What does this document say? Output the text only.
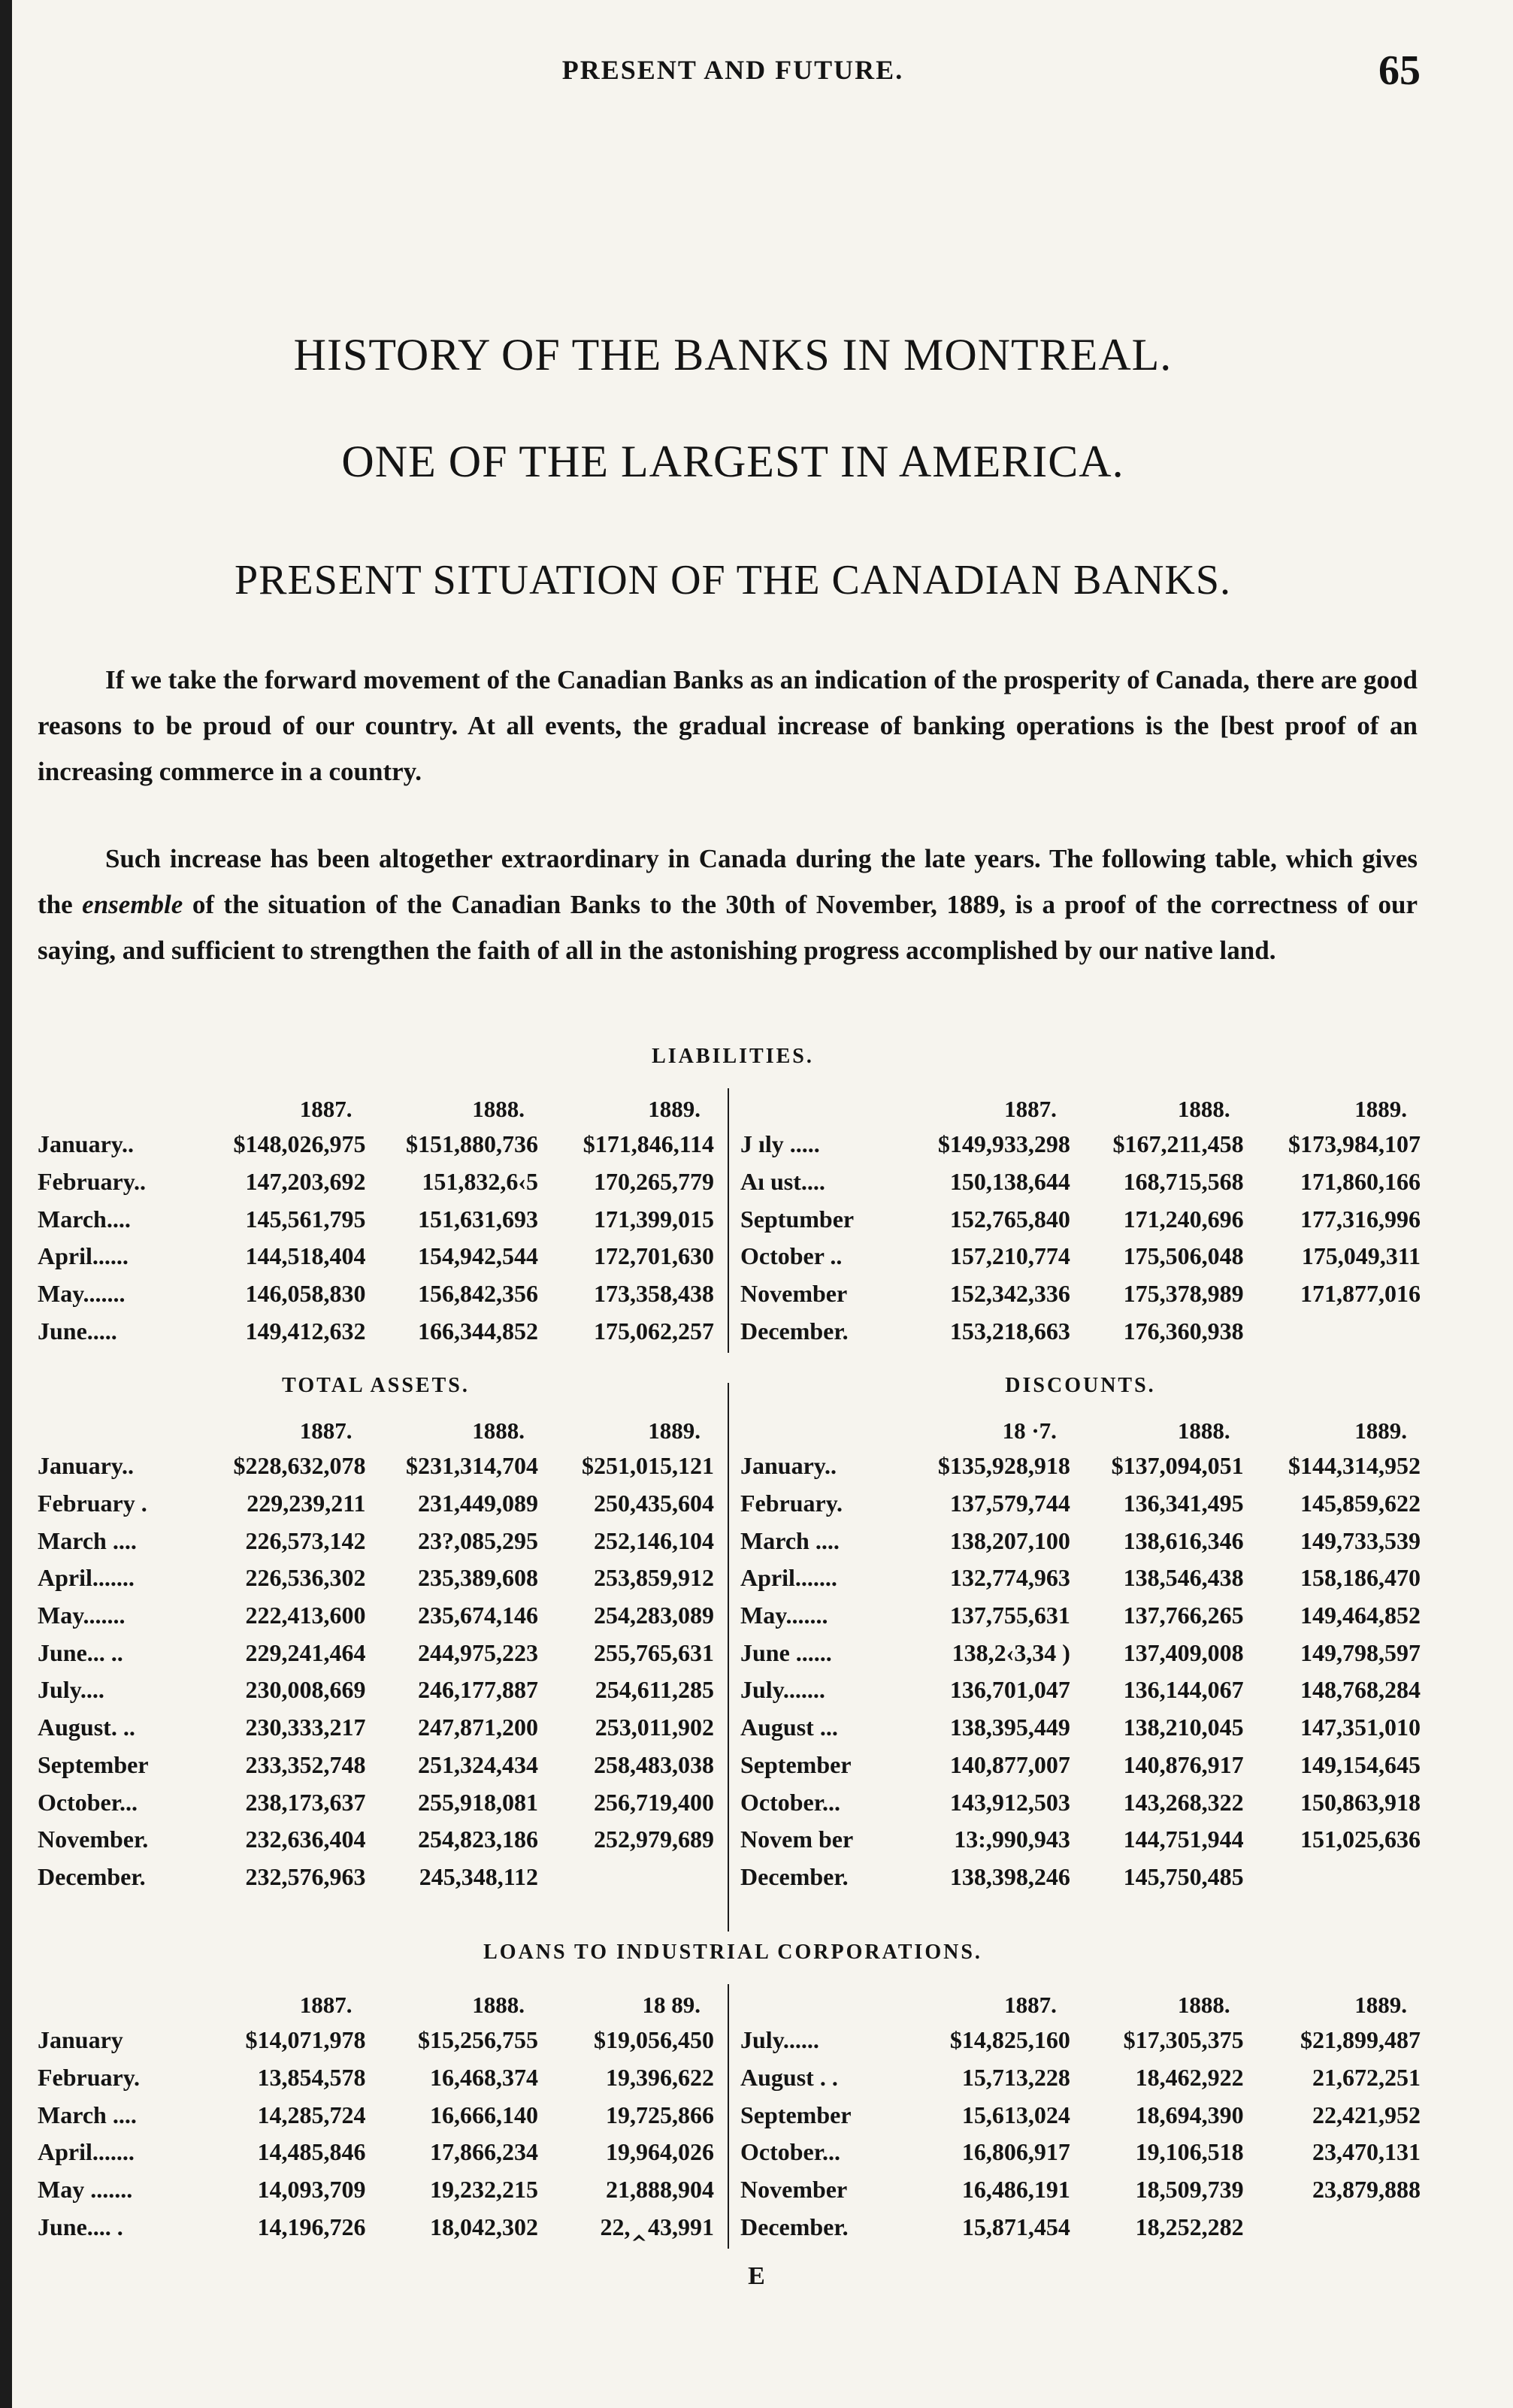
PRESENT AND FUTURE.	65
HISTORY OF THE BANKS IN MONTREAL.
ONE OF THE LARGEST IN AMERICA.
PRESENT SITUATION OF THE CANADIAN BANKS.

If we take the forward movement of the Canadian Banks as an indication of the prosperity of Canada, there are good reasons to be proud of our country. At all events, the gradual increase of banking operations is the [best proof of an increasing commerce in a country.

Such increase has been altogether extraordinary in Canada during the late years. The following table, which gives the ensemble of the situation of the Canadian Banks to the 30th of November, 1889, is a proof of the correctness of our saying, and sufficient to strengthen the faith of all in the astonishing progress accomplished by our native land.

LIABILITIES.
	1887.	1888.	1889.
January..	$148,026,975	$151,880,736	$171,846,114
February..	147,203,692	151,832,6‹5	170,265,779
March....	145,561,795	151,631,693	171,399,015
April......	144,518,404	154,942,544	172,701,630
May.......	146,058,830	156,842,356	173,358,438
June.....	149,412,632	166,344,852	175,062,257
	1887.	1888.	1889.
J ıly .....	$149,933,298	$167,211,458	$173,984,107
Aı ust....	150,138,644	168,715,568	171,860,166
Septumber	152,765,840	171,240,696	177,316,996
October ..	157,210,774	175,506,048	175,049,311
November	152,342,336	175,378,989	171,877,016
December.	153,218,663	176,360,938	
TOTAL ASSETS.	DISCOUNTS.
	1887.	1888.	1889.
January..	$228,632,078	$231,314,704	$251,015,121
February .	229,239,211	231,449,089	250,435,604
March ....	226,573,142	23?,085,295	252,146,104
April.......	226,536,302	235,389,608	253,859,912
May.......	222,413,600	235,674,146	254,283,089
June... ..	229,241,464	244,975,223	255,765,631
July....	230,008,669	246,177,887	254,611,285
August. ..	230,333,217	247,871,200	253,011,902
September	233,352,748	251,324,434	258,483,038
October...	238,173,637	255,918,081	256,719,400
November.	232,636,404	254,823,186	252,979,689
December.	232,576,963	245,348,112	
	18 ·7.	1888.	1889.
January..	$135,928,918	$137,094,051	$144,314,952
February.	137,579,744	136,341,495	145,859,622
March ....	138,207,100	138,616,346	149,733,539
April.......	132,774,963	138,546,438	158,186,470
May.......	137,755,631	137,766,265	149,464,852
June ......	138,2‹3,34 )	137,409,008	149,798,597
July.......	136,701,047	136,144,067	148,768,284
August ...	138,395,449	138,210,045	147,351,010
September	140,877,007	140,876,917	149,154,645
October...	143,912,503	143,268,322	150,863,918
Novem ber	13:,990,943	144,751,944	151,025,636
December.	138,398,246	145,750,485	
LOANS TO INDUSTRIAL CORPORATIONS.
	1887.	1888.	18 89.
January	$14,071,978	$15,256,755	$19,056,450
February.	13,854,578	16,468,374	19,396,622
March ....	14,285,724	16,666,140	19,725,866
April.......	14,485,846	17,866,234	19,964,026
May .......	14,093,709	19,232,215	21,888,904
June.... .	14,196,726	18,042,302	22,‸43,991
	1887.	1888.	1889.
July......	$14,825,160	$17,305,375	$21,899,487
August . .	15,713,228	18,462,922	21,672,251
September	15,613,024	18,694,390	22,421,952
October...	16,806,917	19,106,518	23,470,131
November	16,486,191	18,509,739	23,879,888
December.	15,871,454	18,252,282	
E
